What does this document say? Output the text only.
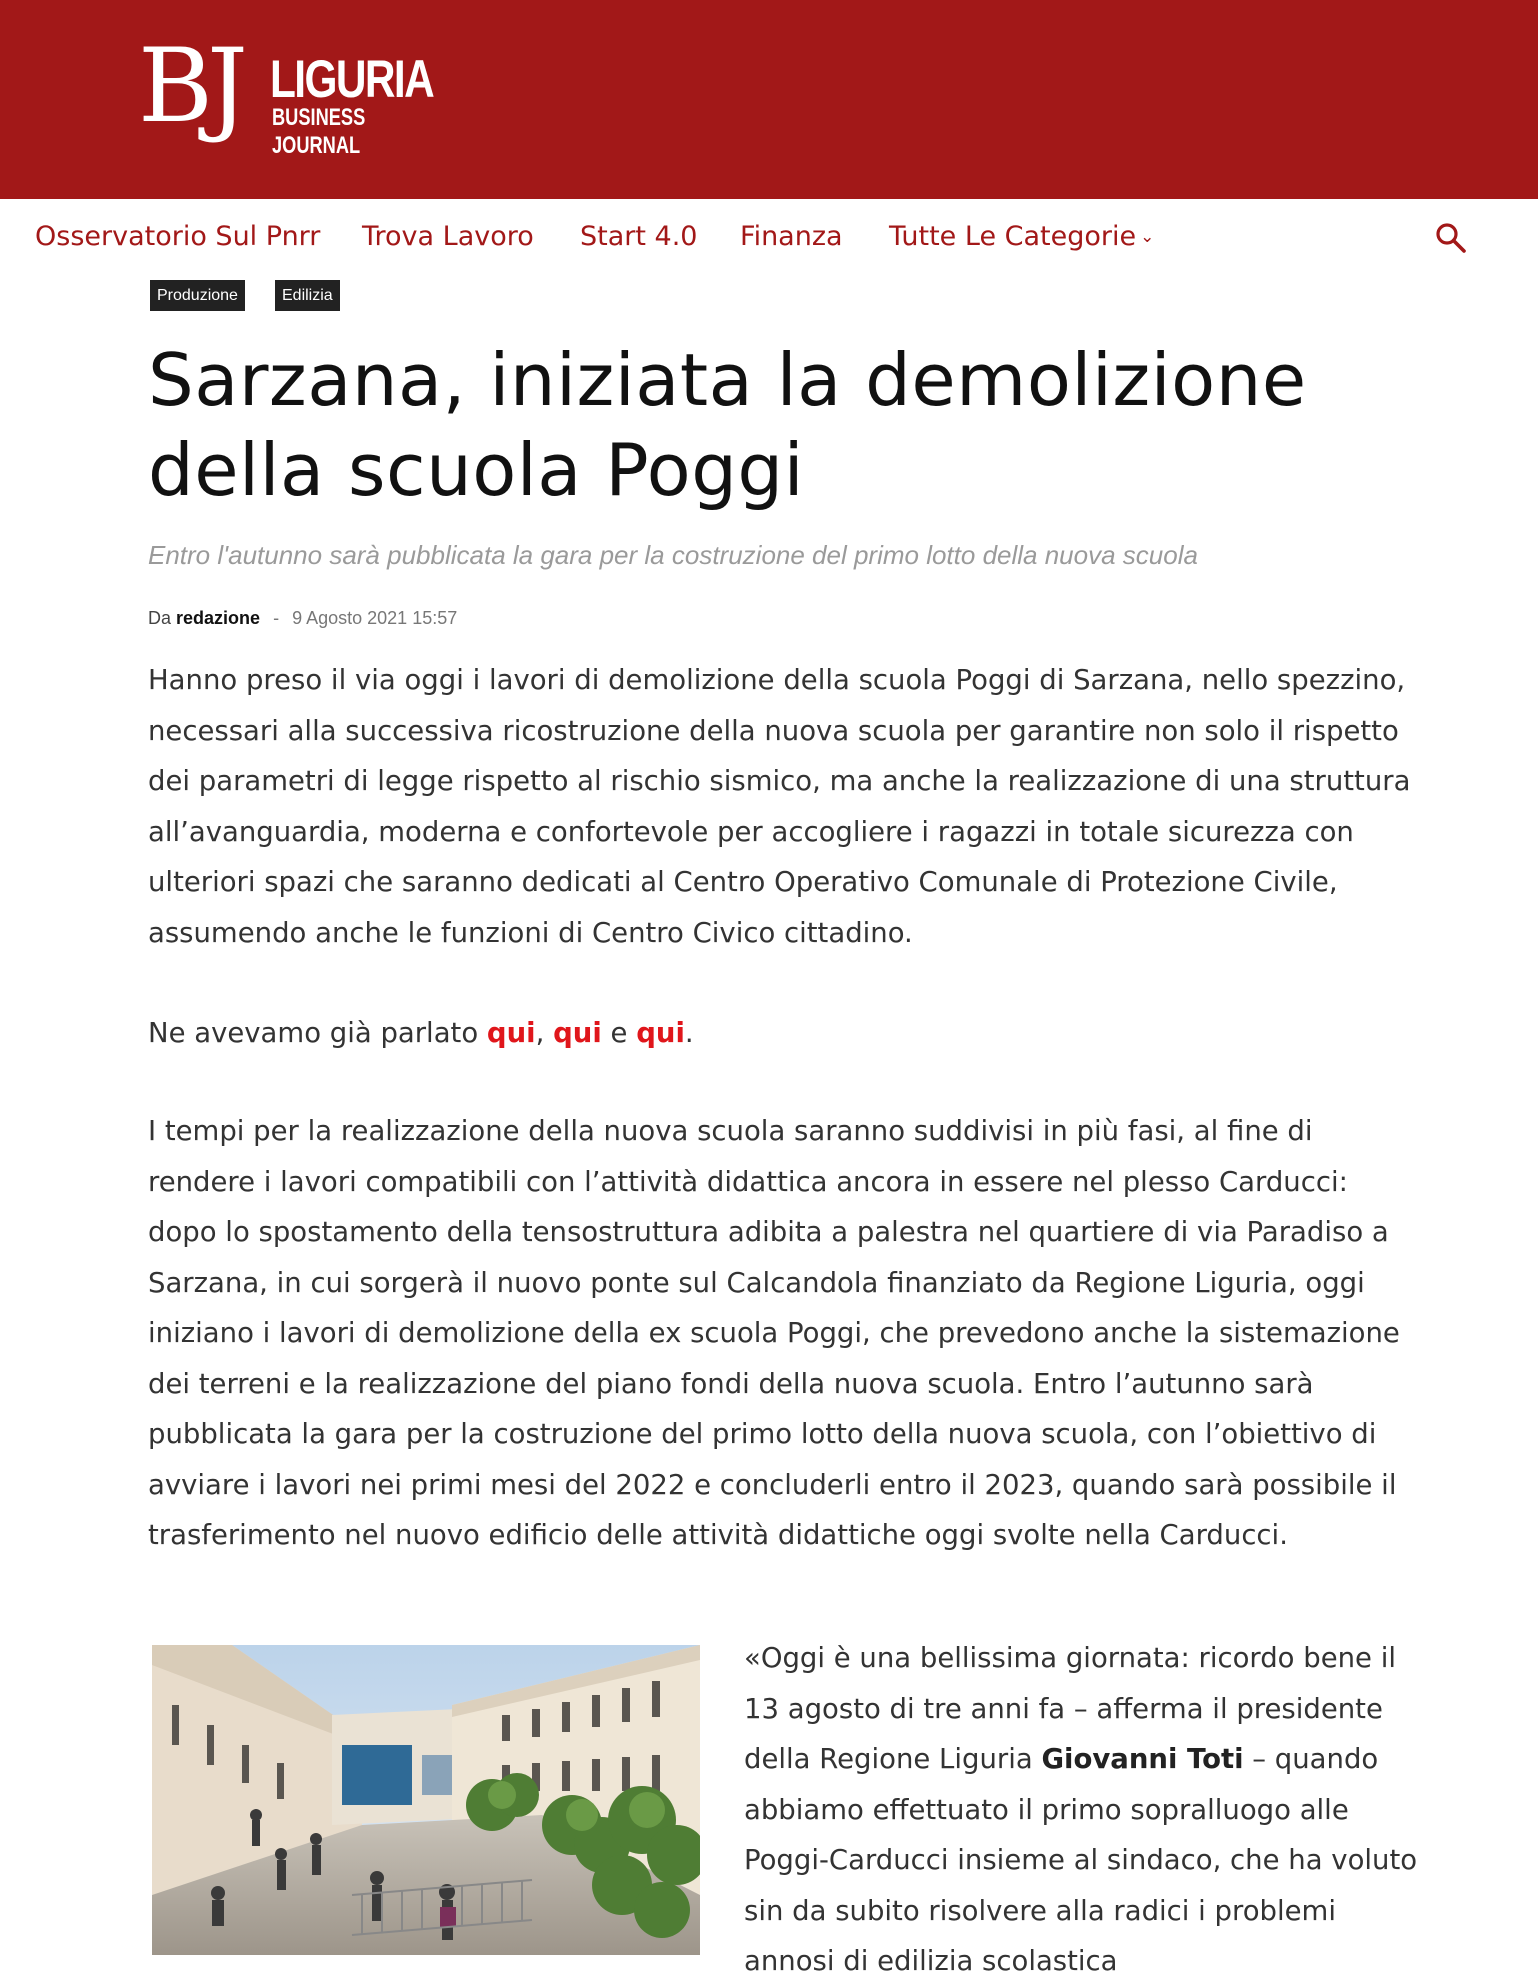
BJ LIGURIA
BUSINESS JOURNAL
Osservatorio Sul Pnrr Trova Lavoro Start 4.0 Finanza Tutte Le Categorie ⌄
Produzione	Edilizia
Sarzana, iniziata la demolizione
della scuola Poggi
Entro l'autunno sarà pubblicata la gara per la costruzione del primo lotto della nuova scuola
Da redazione - 9 Agosto 2021 15:57

Hanno preso il via oggi i lavori di demolizione della scuola Poggi di Sarzana, nello spezzino, necessari alla successiva ricostruzione della nuova scuola per garantire non solo il rispetto dei parametri di legge rispetto al rischio sismico, ma anche la realizzazione di una struttura all’avanguardia, moderna e confortevole per accogliere i ragazzi in totale sicurezza con ulteriori spazi che saranno dedicati al Centro Operativo Comunale di Protezione Civile, assumendo anche le funzioni di Centro Civico cittadino.

Ne avevamo già parlato qui, qui e qui.

I tempi per la realizzazione della nuova scuola saranno suddivisi in più fasi, al fine di rendere i lavori compatibili con l’attività didattica ancora in essere nel plesso Carducci: dopo lo spostamento della tensostruttura adibita a palestra nel quartiere di via Paradiso a Sarzana, in cui sorgerà il nuovo ponte sul Calcandola finanziato da Regione Liguria, oggi iniziano i lavori di demolizione della ex scuola Poggi, che prevedono anche la sistemazione dei terreni e la realizzazione del piano fondi della nuova scuola. Entro l’autunno sarà pubblicata la gara per la costruzione del primo lotto della nuova scuola, con l’obiettivo di avviare i lavori nei primi mesi del 2022 e concluderli entro il 2023, quando sarà possibile il trasferimento nel nuovo edificio delle attività didattiche oggi svolte nella Carducci.

«Oggi è una bellissima giornata: ricordo bene il 13 agosto di tre anni fa – afferma il presidente della Regione Liguria Giovanni Toti – quando abbiamo effettuato il primo sopralluogo alle Poggi-Carducci insieme al sindaco, che ha voluto sin da subito risolvere alla radici i problemi annosi di edilizia scolastica
